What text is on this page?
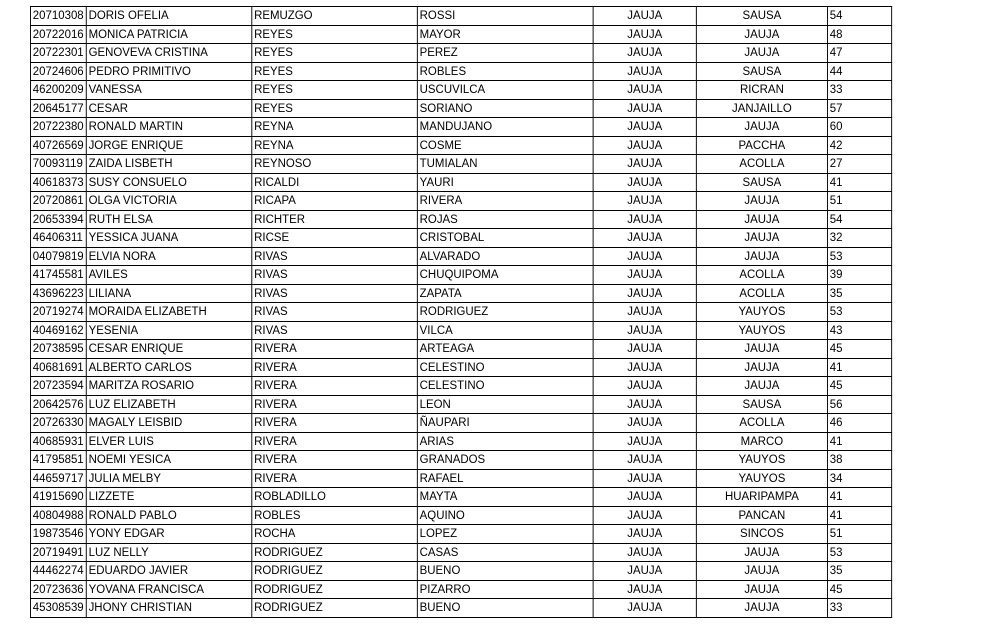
20710308	DORIS OFELIA	REMUZGO	ROSSI	JAUJA	SAUSA	54
20722016	MONICA PATRICIA	REYES	MAYOR	JAUJA	JAUJA	48
20722301	GENOVEVA CRISTINA	REYES	PEREZ	JAUJA	JAUJA	47
20724606	PEDRO PRIMITIVO	REYES	ROBLES	JAUJA	SAUSA	44
46200209	VANESSA	REYES	USCUVILCA	JAUJA	RICRAN	33
20645177	CESAR	REYES	SORIANO	JAUJA	JANJAILLO	57
20722380	RONALD MARTIN	REYNA	MANDUJANO	JAUJA	JAUJA	60
40726569	JORGE ENRIQUE	REYNA	COSME	JAUJA	PACCHA	42
70093119	ZAIDA LISBETH	REYNOSO	TUMIALAN	JAUJA	ACOLLA	27
40618373	SUSY CONSUELO	RICALDI	YAURI	JAUJA	SAUSA	41
20720861	OLGA VICTORIA	RICAPA	RIVERA	JAUJA	JAUJA	51
20653394	RUTH ELSA	RICHTER	ROJAS	JAUJA	JAUJA	54
46406311	YESSICA JUANA	RICSE	CRISTOBAL	JAUJA	JAUJA	32
04079819	ELVIA NORA	RIVAS	ALVARADO	JAUJA	JAUJA	53
41745581	AVILES	RIVAS	CHUQUIPOMA	JAUJA	ACOLLA	39
43696223	LILIANA	RIVAS	ZAPATA	JAUJA	ACOLLA	35
20719274	MORAIDA ELIZABETH	RIVAS	RODRIGUEZ	JAUJA	YAUYOS	53
40469162	YESENIA	RIVAS	VILCA	JAUJA	YAUYOS	43
20738595	CESAR ENRIQUE	RIVERA	ARTEAGA	JAUJA	JAUJA	45
40681691	ALBERTO CARLOS	RIVERA	CELESTINO	JAUJA	JAUJA	41
20723594	MARITZA ROSARIO	RIVERA	CELESTINO	JAUJA	JAUJA	45
20642576	LUZ ELIZABETH	RIVERA	LEON	JAUJA	SAUSA	56
20726330	MAGALY LEISBID	RIVERA	ÑAUPARI	JAUJA	ACOLLA	46
40685931	ELVER LUIS	RIVERA	ARIAS	JAUJA	MARCO	41
41795851	NOEMI YESICA	RIVERA	GRANADOS	JAUJA	YAUYOS	38
44659717	JULIA MELBY	RIVERA	RAFAEL	JAUJA	YAUYOS	34
41915690	LIZZETE	ROBLADILLO	MAYTA	JAUJA	HUARIPAMPA	41
40804988	RONALD PABLO	ROBLES	AQUINO	JAUJA	PANCAN	41
19873546	YONY EDGAR	ROCHA	LOPEZ	JAUJA	SINCOS	51
20719491	LUZ NELLY	RODRIGUEZ	CASAS	JAUJA	JAUJA	53
44462274	EDUARDO JAVIER	RODRIGUEZ	BUENO	JAUJA	JAUJA	35
20723636	YOVANA FRANCISCA	RODRIGUEZ	PIZARRO	JAUJA	JAUJA	45
45308539	JHONY CHRISTIAN	RODRIGUEZ	BUENO	JAUJA	JAUJA	33
